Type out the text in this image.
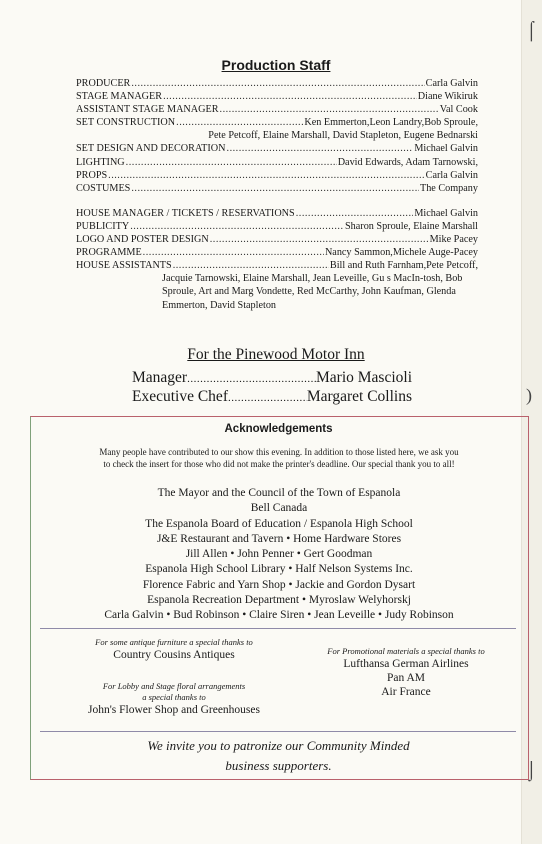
⌠
)
⌡
Production Staff
PRODUCER .....	Carla Galvin
STAGE MANAGER .....	Diane Wikiruk
ASSISTANT STAGE MANAGER .....	Val Cook
SET CONSTRUCTION .....	Ken Emmerton,Leon Landry,Bob Sproule,
Pete Petcoff, Elaine Marshall, David Stapleton, Eugene Bednarski
SET DESIGN AND DECORATION .....	Michael Galvin
LIGHTING .....	David Edwards, Adam Tarnowski,
PROPS .....	Carla Galvin
COSTUMES .....	The Company
HOUSE MANAGER / TICKETS / RESERVATIONS .....	Michael Galvin
PUBLICITY .....	Sharon Sproule, Elaine Marshall
LOGO AND POSTER DESIGN .....	Mike Pacey
PROGRAMME .....	Nancy Sammon,Michele Auge-Pacey
HOUSE ASSISTANTS .....	Bill and Ruth Farnham,Pete Petcoff,
Jacquie Tarnowski, Elaine Marshall, Jean Leveille, Gu s MacIn-tosh, Bob Sproule, Art and Marg Vondette, Red McCarthy, John Kaufman, Glenda Emmerton, David Stapleton
For the Pinewood Motor Inn
Manager .....	Mario Mascioli
Executive Chef .....	Margaret Collins
Acknowledgements
Many people have contributed to our show this evening. In addition to those listed here, we ask you to check the insert for those who did not make the printer's deadline. Our special thank you to all!
The Mayor and the Council of the Town of Espanola
Bell Canada
The Espanola Board of Education / Espanola High School
J&E Restaurant and Tavern • Home Hardware Stores
Jill Allen • John Penner • Gert Goodman
Espanola High School Library • Half Nelson Systems Inc.
Florence Fabric and Yarn Shop • Jackie and Gordon Dysart
Espanola Recreation Department • Myroslaw Welyhorskj
Carla Galvin • Bud Robinson • Claire Siren • Jean Leveille • Judy Robinson
For some antique furniture a special thanks to
Country Cousins Antiques
For Lobby and Stage floral arrangements
a special thanks to
John's Flower Shop and Greenhouses
For Promotional materials a special thanks to
Lufthansa German Airlines
Pan AM
Air France
We invite you to patronize our Community Minded
business supporters.
